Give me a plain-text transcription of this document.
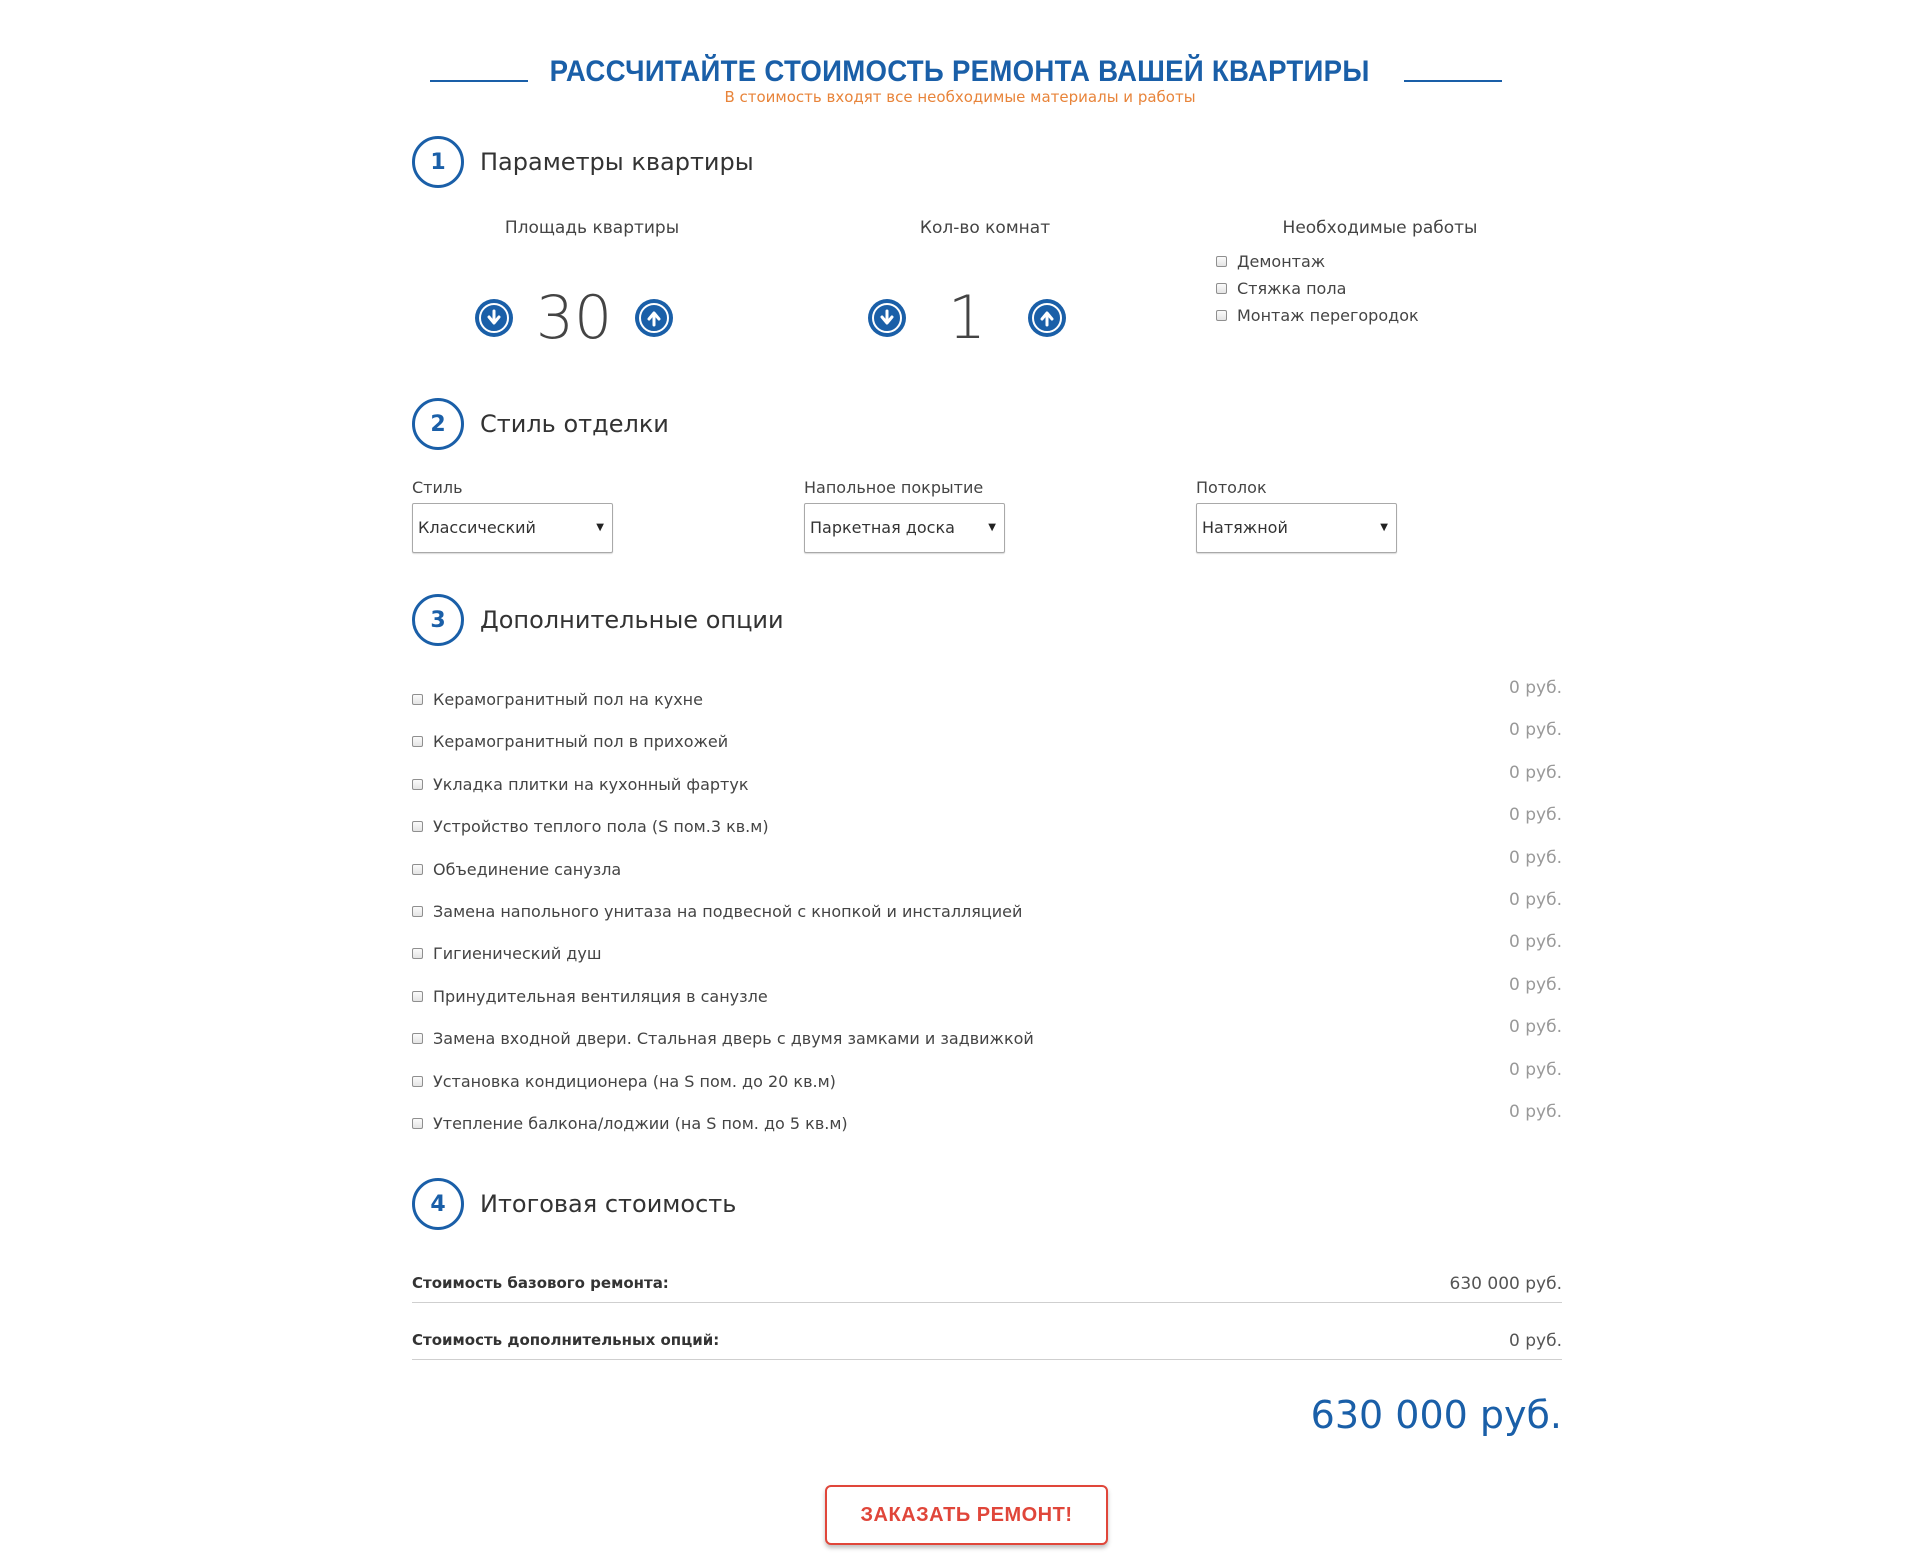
РАССЧИТАЙТЕ СТОИМОСТЬ РЕМОНТА ВАШЕЙ КВАРТИРЫ
В стоимость входят все необходимые материалы и работы
1	Параметры квартиры
Площадь квартиры
30
Кол-во комнат
1
Необходимые работы
Демонтаж
Стяжка пола
Монтаж перегородок
2	Стиль отделки
Стиль
Классический	▼
Напольное покрытие
Паркетная доска	▼
Потолок
Натяжной	▼
3	Дополнительные опции
Керамогранитный пол на кухне
0 руб.
Керамогранитный пол в прихожей
0 руб.
Укладка плитки на кухонный фартук
0 руб.
Устройство теплого пола (S пом.3 кв.м)
0 руб.
Объединение санузла
0 руб.
Замена напольного унитаза на подвесной с кнопкой и инсталляцией
0 руб.
Гигиенический душ
0 руб.
Принудительная вентиляция в санузле
0 руб.
Замена входной двери. Стальная дверь с двумя замками и задвижкой
0 руб.
Установка кондиционера (на S пом. до 20 кв.м)
0 руб.
Утепление балкона/лоджии (на S пом. до 5 кв.м)
0 руб.
4	Итоговая стоимость
Стоимость базового ремонта:	630 000 руб.
Стоимость дополнительных опций:	0 руб.
630 000 руб.
ЗАКАЗАТЬ РЕМОНТ!
